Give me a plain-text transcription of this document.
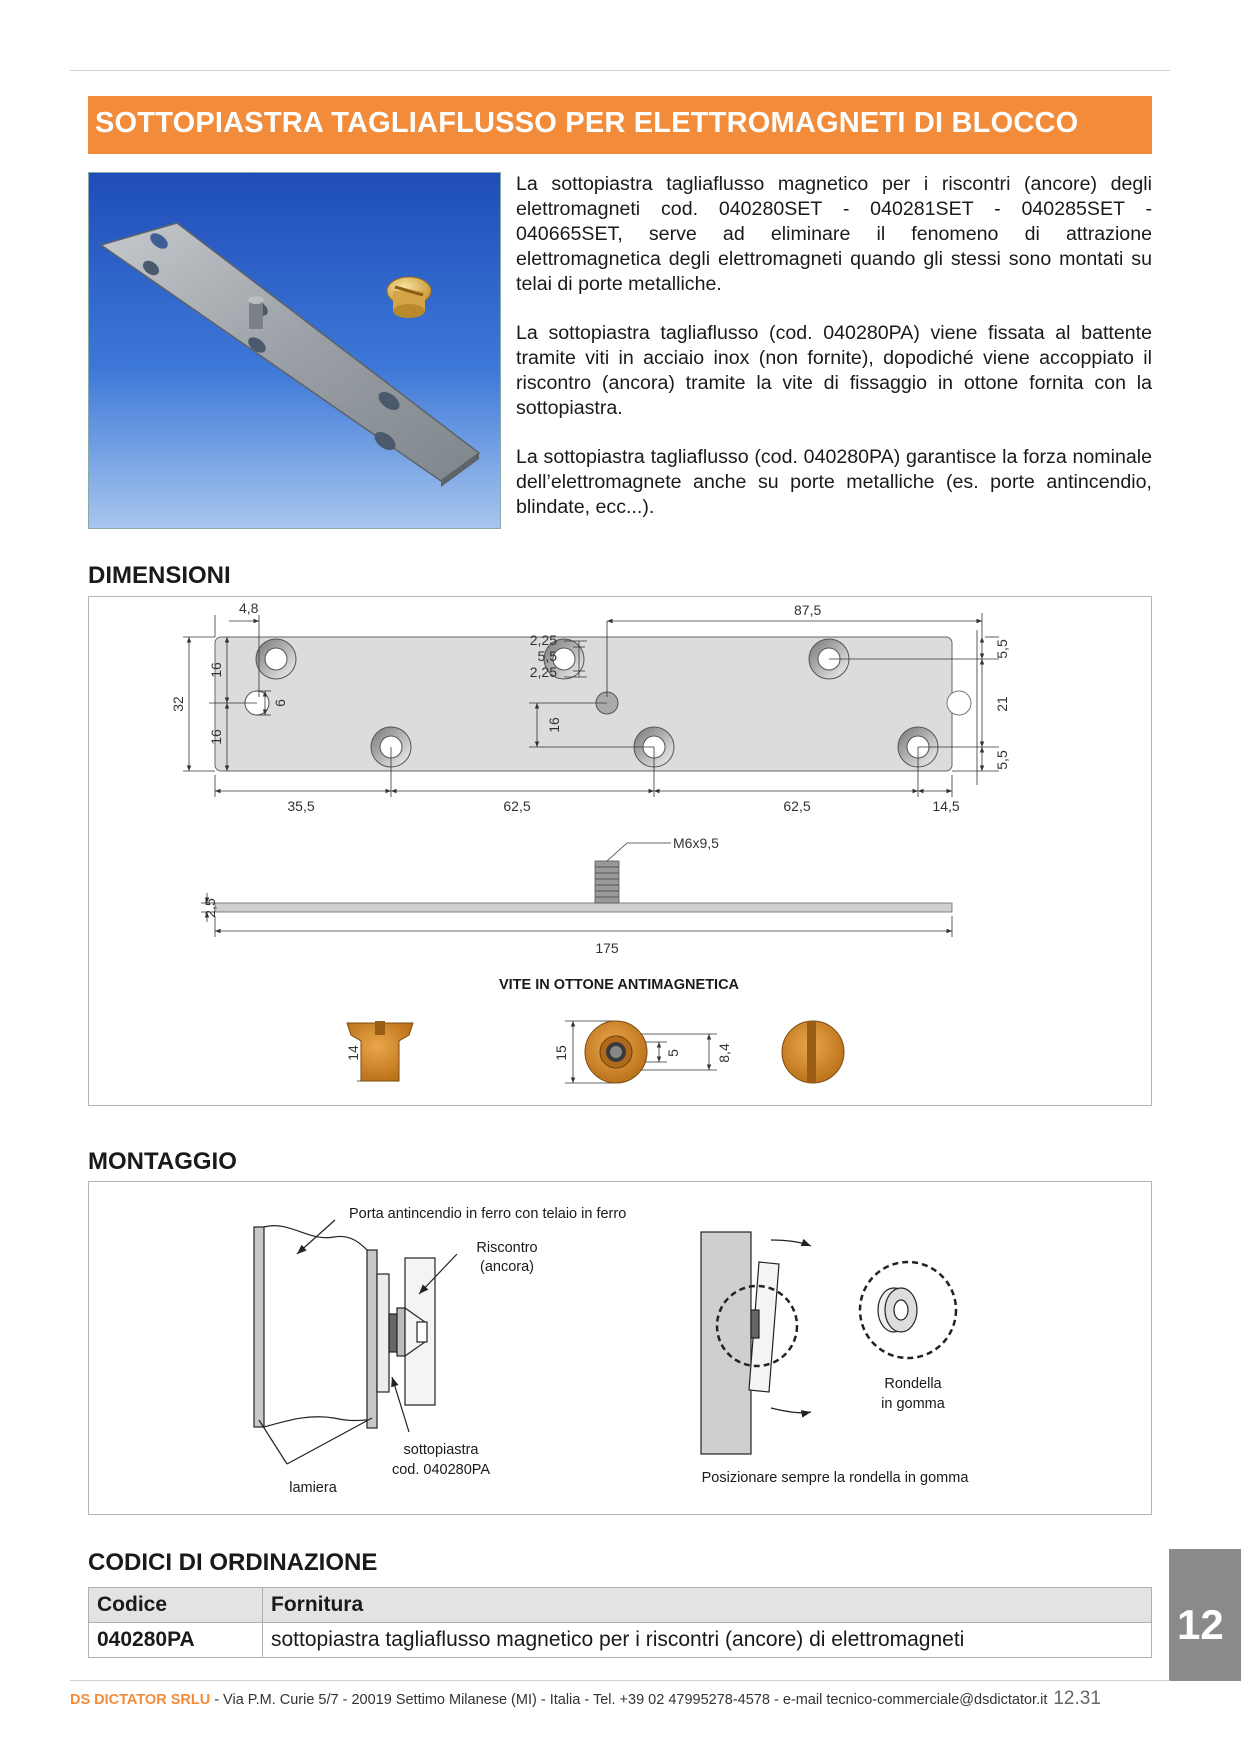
SOTTOPIASTRA TAGLIAFLUSSO PER ELETTROMAGNETI DI BLOCCO

La sottopiastra tagliaflusso magnetico per i riscontri (ancore) degli elettromagneti cod. 040280SET - 040281SET - 040285SET - 040665SET, serve ad eliminare il fenomeno di attrazione elettromagnetica degli elettromagneti quando gli stessi sono montati su telai di porte metalliche.

La sottopiastra tagliaflusso (cod. 040280PA) viene fissata al battente tramite viti in acciaio inox (non fornite), dopodiché viene accoppiato il riscontro (ancora) tramite la vite di fissaggio in ottone fornita con la sottopiastra.

La sottopiastra tagliaflusso (cod. 040280PA) garantisce la forza nominale dell’elettromagnete anche su porte metalliche (es. porte antincendio, blindate, ecc...).

DIMENSIONI
4,8	87,5
2,25
5,5
2,25
5,5
21
5,5
32
16
16
6
16
35,5	62,5	62,5	14,5
M6x9,5
2,5
175
VITE IN OTTONE ANTIMAGNETICA
14	15	5	8,4
MONTAGGIO
Porta antincendio in ferro con telaio in ferro
Riscontro
(ancora)
sottopiastra
cod. 040280PA
lamiera
Rondella
in gomma
Posizionare sempre la rondella in gomma
CODICI DI ORDINAZIONE
Codice	Fornitura
040280PA	sottopiastra tagliaflusso magnetico per i riscontri (ancore) di elettromagneti	12
DS DICTATOR SRLU - Via P.M. Curie 5/7 - 20019 Settimo Milanese (MI) - Italia - Tel. +39 02 47995278-4578 - e-mail tecnico-commerciale@dsdictator.it 12.31
